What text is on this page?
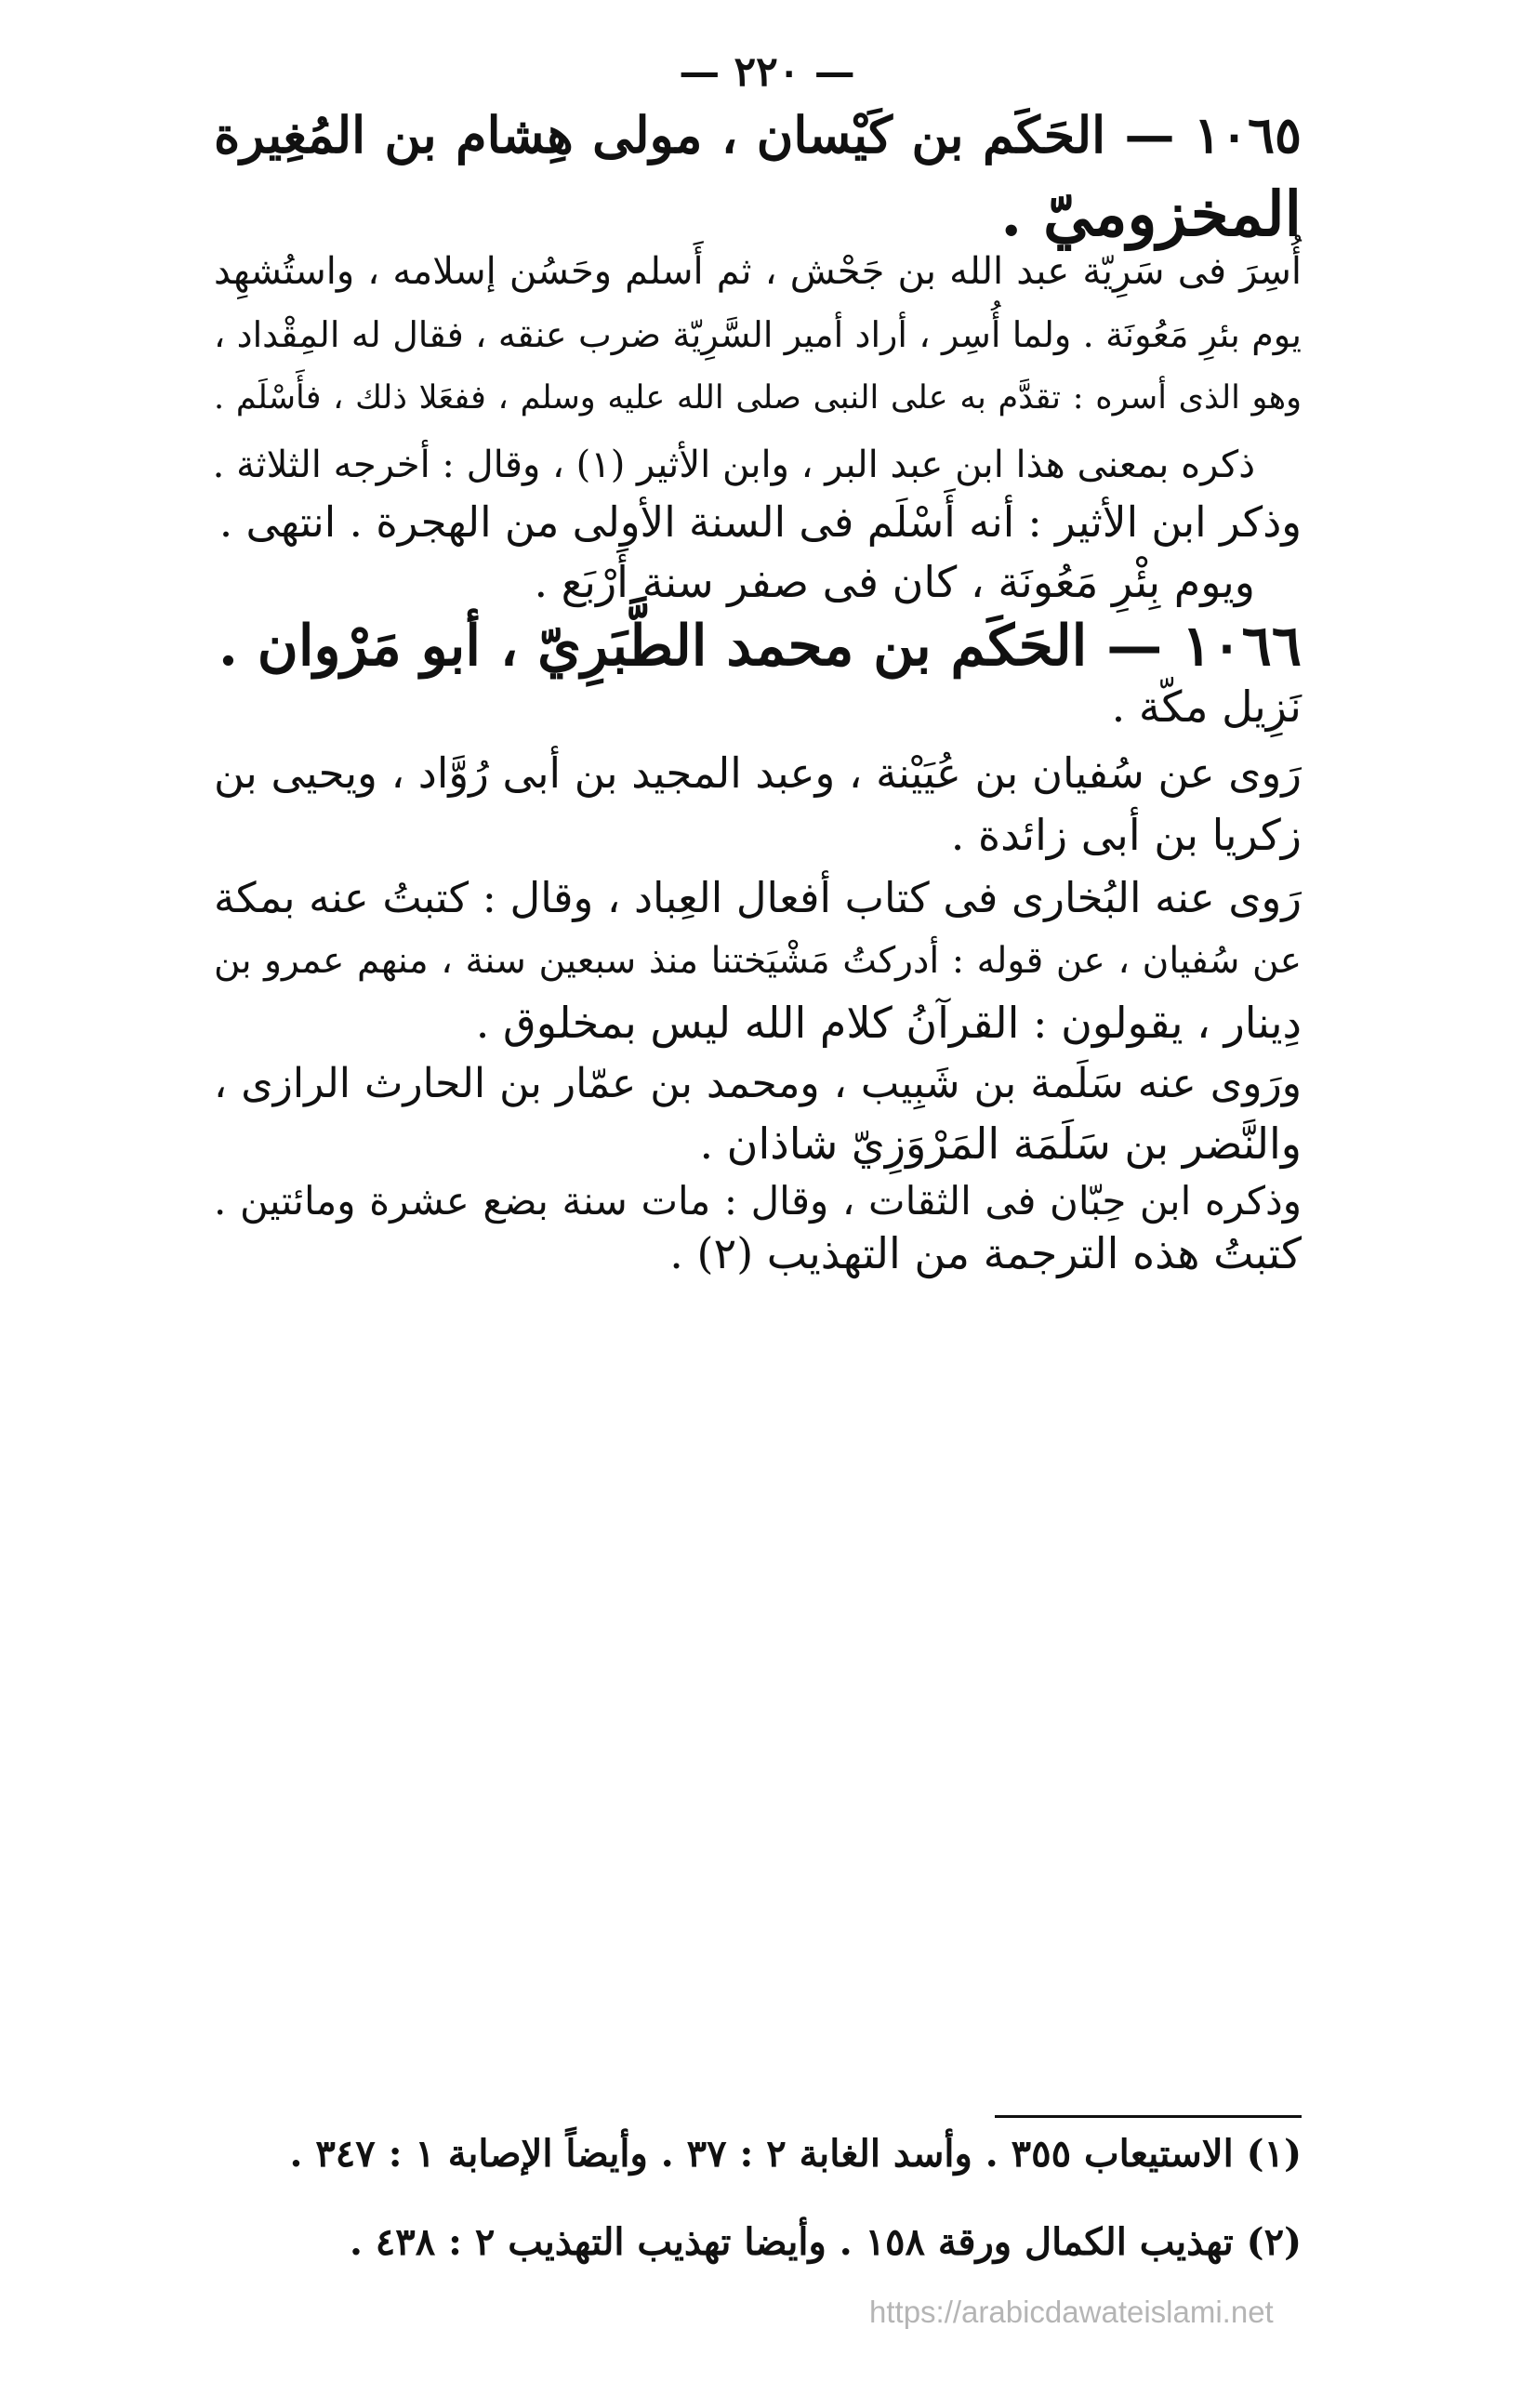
— ٢٢٠ —
١٠٦٥ — الحَكَم بن كَيْسان ، مولى هِشام بن المُغِيرة
المخزوميّ .
أُسِرَ فى سَرِيّة عبد الله بن جَحْش ، ثم أَسلم وحَسُن إسلامه ، واستُشهِد
يوم بئرِ مَعُونَة . ولما أُسِر ، أراد أمير السَّرِيّة ضرب عنقه ، فقال له المِقْداد ،
وهو الذى أسره : تقدَّم به على النبى صلى الله عليه وسلم ، ففعَلا ذلك ، فأَسْلَم .
ذكره بمعنى هذا ابن عبد البر ، وابن الأثير (١) ، وقال : أخرجه الثلاثة .
وذكر ابن الأثير : أنه أَسْلَم فى السنة الأولى من الهجرة . انتهى .
ويوم بِئْرِ مَعُونَة ، كان فى صفر سنة أَرْبَع .
١٠٦٦ — الحَكَم بن محمد الطَّبَرِيّ ، أبو مَرْوان .
نَزِيل مكّة .
رَوى عن سُفيان بن عُيَيْنة ، وعبد المجيد بن أبى رُوَّاد ، ويحيى بن
زكريا بن أبى زائدة .
رَوى عنه البُخارى فى كتاب أفعال العِباد ، وقال : كتبتُ عنه بمكة
عن سُفيان ، عن قوله : أدركتُ مَشْيَختنا منذ سبعين سنة ، منهم عمرو بن
دِينار ، يقولون : القرآنُ كلام الله ليس بمخلوق .
ورَوى عنه سَلَمة بن شَبِيب ، ومحمد بن عمّار بن الحارث الرازى ،
والنَّضر بن سَلَمَة المَرْوَزِيّ شاذان .
وذكره ابن حِبّان فى الثقات ، وقال : مات سنة بضع عشرة ومائتين .
كتبتُ هذه الترجمة من التهذيب (٢) .
(١) الاستيعاب ٣٥٥ . وأسد الغابة ٢ : ٣٧ . وأيضاً الإصابة ١ : ٣٤٧ .
(٢) تهذيب الكمال ورقة ١٥٨ . وأيضا تهذيب التهذيب ٢ : ٤٣٨ .
https://arabicdawateislami.net
